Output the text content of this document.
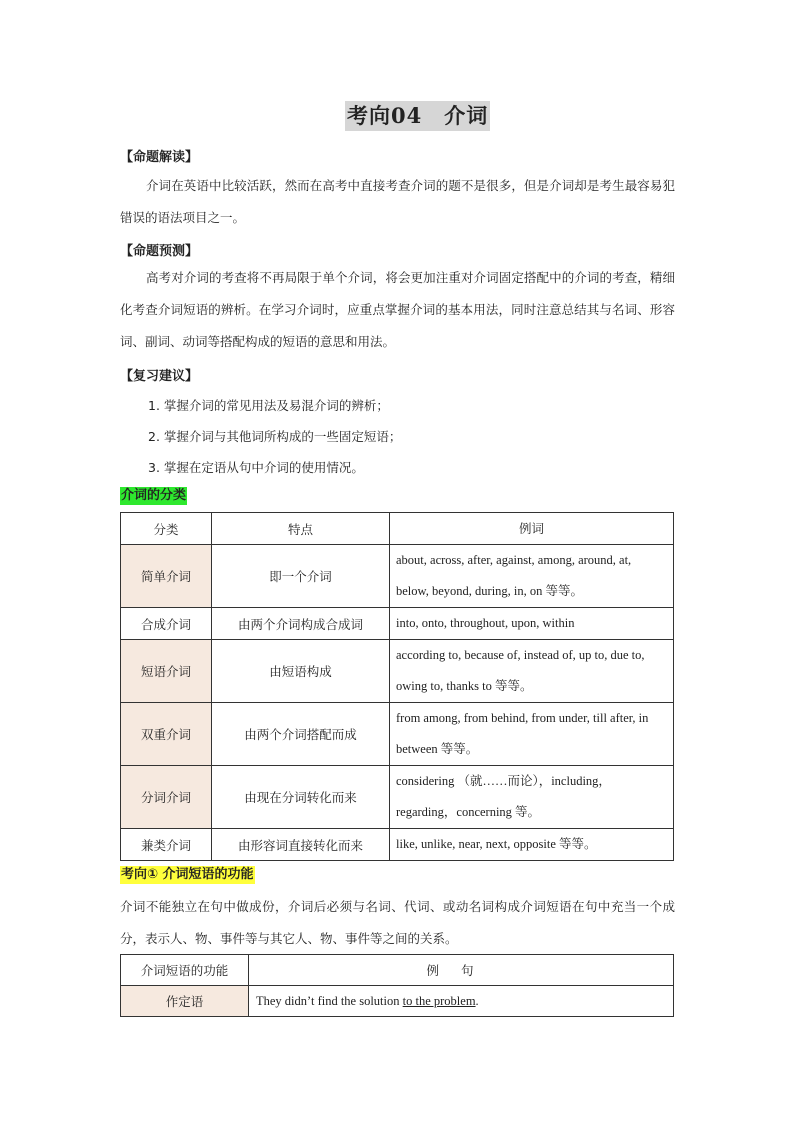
考向04 介词
【命题解读】
介词在英语中比较活跃，然而在高考中直接考查介词的题不是很多，但是介词却是考生最容易犯错误的语法项目之一。
【命题预测】
高考对介词的考查将不再局限于单个介词，将会更加注重对介词固定搭配中的介词的考查，精细化考查介词短语的辨析。在学习介词时，应重点掌握介词的基本用法，同时注意总结其与名词、形容词、副词、动词等搭配构成的短语的意思和用法。
【复习建议】
1. 掌握介词的常见用法及易混介词的辨析；
2. 掌握介词与其他词所构成的一些固定短语；
3. 掌握在定语从句中介词的使用情况。
介词的分类
分类	特点	例词
简单介词	即一个介词	about, across, after, against, among, around, at, below, beyond, during, in, on 等等。
合成介词	由两个介词构成合成词	into, onto, throughout, upon, within
短语介词	由短语构成	according to, because of, instead of, up to, due to, owing to, thanks to 等等。
双重介词	由两个介词搭配而成	from among, from behind, from under, till after, in between 等等。
分词介词	由现在分词转化而来	considering （就……而论），including，regarding，concerning 等。
兼类介词	由形容词直接转化而来	like, unlike, near, next, opposite 等等。
考向① 介词短语的功能
介词不能独立在句中做成份，介词后必须与名词、代词、或动名词构成介词短语在句中充当一个成分，表示人、物、事件等与其它人、物、事件等之间的关系。
介词短语的功能	例句
作定语	They didn’t find the solution to the problem.
